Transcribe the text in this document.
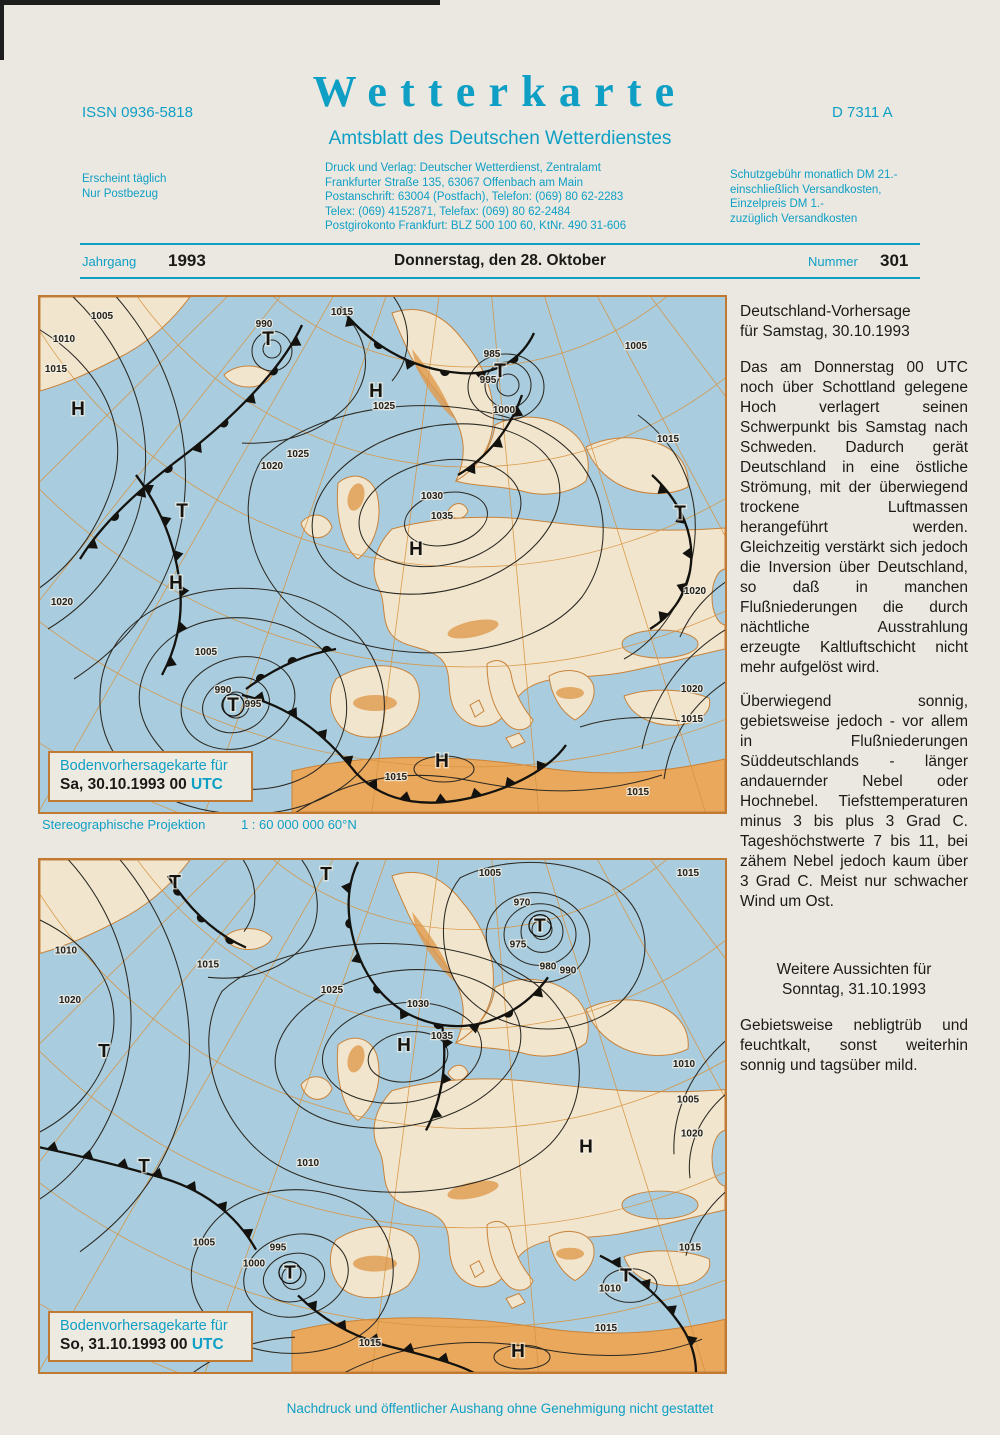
ISSN 0936-5818	Wetterkarte	D 7311 A
Amtsblatt des Deutschen Wetterdienstes
Erscheint täglich
Nur Postbezug
Druck und Verlag: Deutscher Wetterdienst, Zentralamt
Frankfurter Straße 135, 63067 Offenbach am Main
Postanschrift: 63004 (Postfach), Telefon: (069) 80 62-2283
Telex: (069) 4152871, Telefax: (069) 80 62-2484
Postgirokonto Frankfurt: BLZ 500 100 60, KtNr. 490 31-606
Schutzgebühr monatlich DM 21.-
einschließlich Versandkosten,
Einzelpreis DM 1.-
zuzüglich Versandkosten
Jahrgang 1993	Donnerstag, den 28. Oktober	Nummer 301
1005
1010
1015
990
1015
1025
985
995
1000
1020
1025
1030
1035
1015
1020
1005
990
995
1020
1020
1015
1015
1015
1005
H
T
H
T
T
H
H
T
H
T
Bodenvorhersagekarte für
Sa, 30.10.1993 00 UTC
Stereographische Projektion	1 : 60 000 000 60°N
1005
970
975
980 990
1010
1015
1020
1025
1030
1035
1015
1010
1005
1020
1010
1005	995
1000
1010
1015
1015
1015
T	T
T
H
T
T
H
T	T
H
Bodenvorhersagekarte für
So, 31.10.1993 00 UTC
Deutschland-Vorhersage
für Samstag, 30.10.1993

Das am Donnerstag 00 UTC noch über Schottland gelegene Hoch verlagert seinen Schwerpunkt bis Samstag nach Schweden. Dadurch gerät Deutschland in eine östliche Strömung, mit der überwiegend trockene Luftmassen herangeführt werden. Gleichzeitig verstärkt sich jedoch die Inversion über Deutschland, so daß in manchen Flußniederungen die durch nächtliche Ausstrahlung erzeugte Kaltluftschicht nicht mehr aufgelöst wird.

Überwiegend sonnig, gebietsweise jedoch - vor allem in Flußniederungen Süddeutschlands - länger andauernder Nebel oder Hochnebel. Tiefsttemperaturen minus 3 bis plus 3 Grad C. Tageshöchstwerte 7 bis 11, bei zähem Nebel jedoch kaum über 3 Grad C. Meist nur schwacher Wind um Ost.

Weitere Aussichten für
Sonntag, 31.10.1993

Gebietsweise nebligtrüb und feuchtkalt, sonst weiterhin sonnig und tagsüber mild.

Nachdruck und öffentlicher Aushang ohne Genehmigung nicht gestattet
